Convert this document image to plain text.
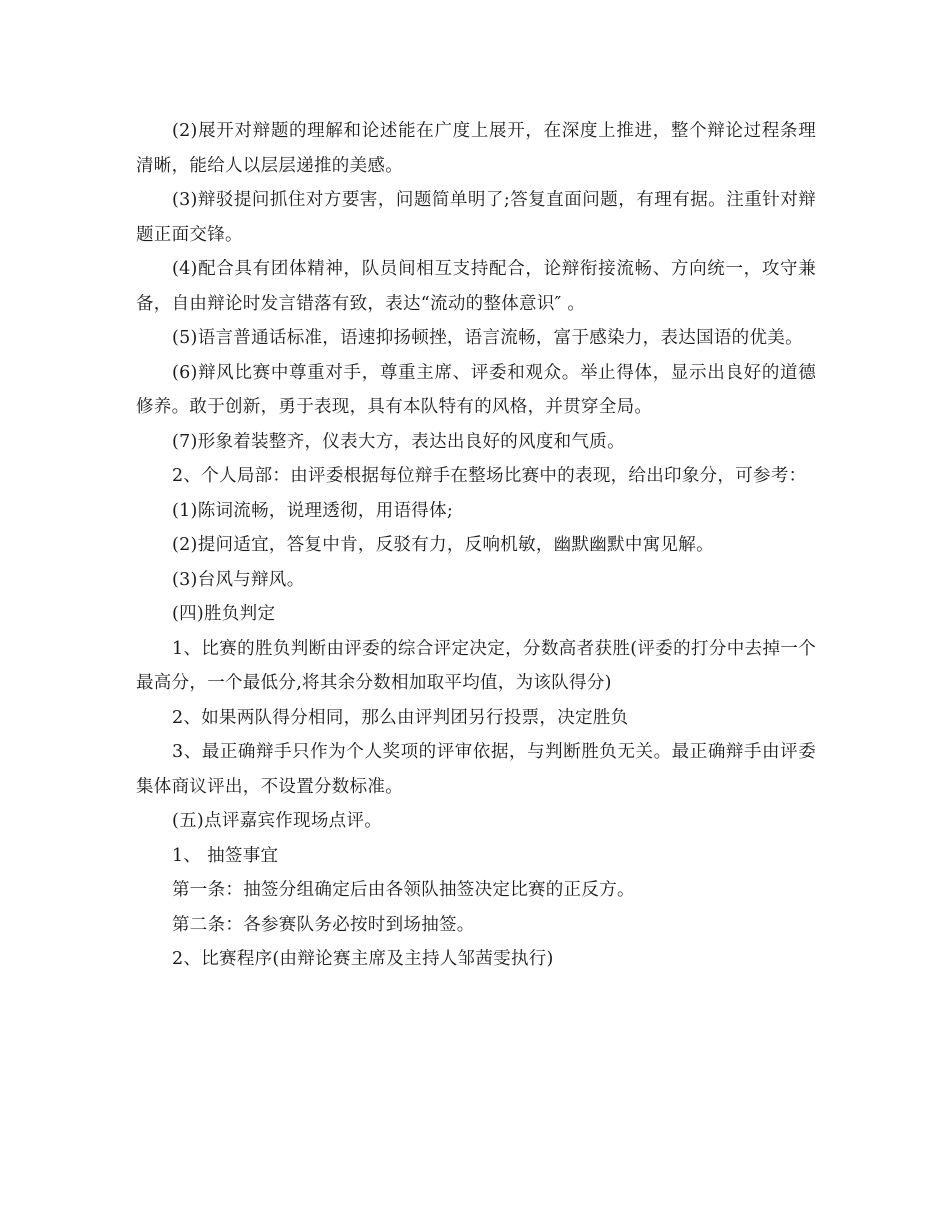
(2)展开对辩题的理解和论述能在广度上展开，在深度上推进，整个辩论过程条理清晰，能给人以层层递推的美感。

(3)辩驳提问抓住对方要害，问题简单明了;答复直面问题，有理有据。注重针对辩题正面交锋。

(4)配合具有团体精神，队员间相互支持配合，论辩衔接流畅、方向统一，攻守兼备，自由辩论时发言错落有致，表达“流动的整体意识″ 。

(5)语言普通话标准，语速抑扬顿挫，语言流畅，富于感染力，表达国语的优美。

(6)辩风比赛中尊重对手，尊重主席、评委和观众。举止得体，显示出良好的道德修养。敢于创新，勇于表现，具有本队特有的风格，并贯穿全局。

(7)形象着装整齐，仪表大方，表达出良好的风度和气质。

2、个人局部：由评委根据每位辩手在整场比赛中的表现，给出印象分，可参考：

(1)陈词流畅，说理透彻，用语得体;

(2)提问适宜，答复中肯，反驳有力，反响机敏，幽默幽默中寓见解。

(3)台风与辩风。

(四)胜负判定

1、比赛的胜负判断由评委的综合评定决定，分数高者获胜(评委的打分中去掉一个最高分，一个最低分,将其余分数相加取平均值，为该队得分)

2、如果两队得分相同，那么由评判团另行投票，决定胜负

3、最正确辩手只作为个人奖项的评审依据，与判断胜负无关。最正确辩手由评委集体商议评出，不设置分数标准。

(五)点评嘉宾作现场点评。

1、 抽签事宜

第一条：抽签分组确定后由各领队抽签决定比赛的正反方。

第二条：各参赛队务必按时到场抽签。

2、比赛程序(由辩论赛主席及主持人邹茜雯执行)
